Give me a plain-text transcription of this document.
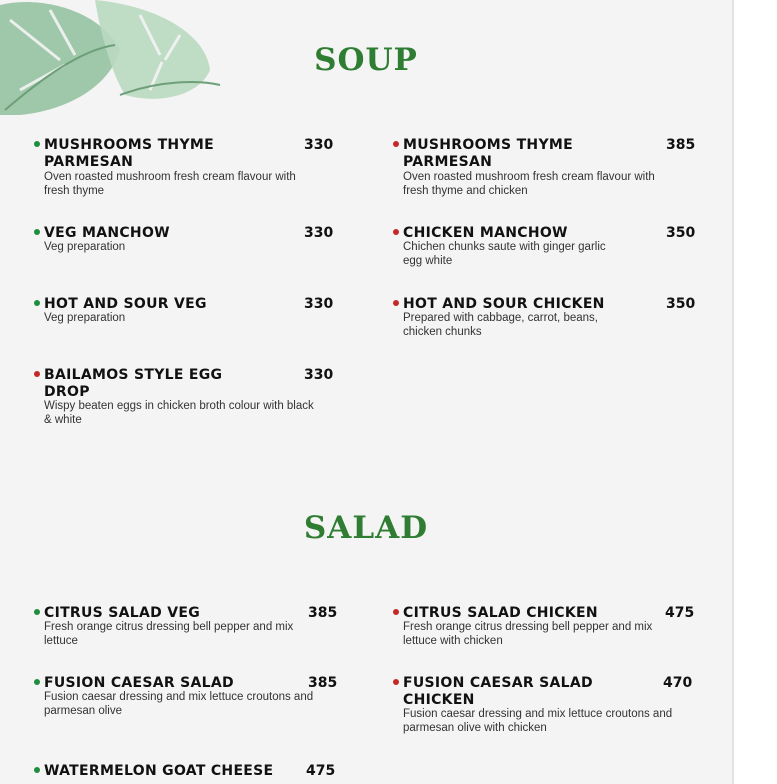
SOUP
MUSHROOMS THYME PARMESAN
330
Oven roasted mushroom fresh cream flavour with fresh thyme
MUSHROOMS THYME PARMESAN
385
Oven roasted mushroom fresh cream flavour with fresh thyme and chicken
VEG MANCHOW	330
Veg preparation
CHICKEN MANCHOW	350
Chichen chunks saute with ginger garlic egg white
HOT AND SOUR VEG	330
Veg preparation
HOT AND SOUR CHICKEN	350
Prepared with cabbage, carrot, beans, chicken chunks
BAILAMOS STYLE EGG DROP
330
Wispy beaten eggs in chicken broth colour with black & white
SALAD
CITRUS SALAD VEG	385
Fresh orange citrus dressing bell pepper and mix lettuce
CITRUS SALAD CHICKEN	475
Fresh orange citrus dressing bell pepper and mix lettuce with chicken
FUSION CAESAR SALAD	385
Fusion caesar dressing and mix lettuce croutons and parmesan olive
FUSION CAESAR SALAD CHICKEN
470
Fusion caesar dressing and mix lettuce croutons and parmesan olive with chicken
WATERMELON GOAT CHEESE	475
